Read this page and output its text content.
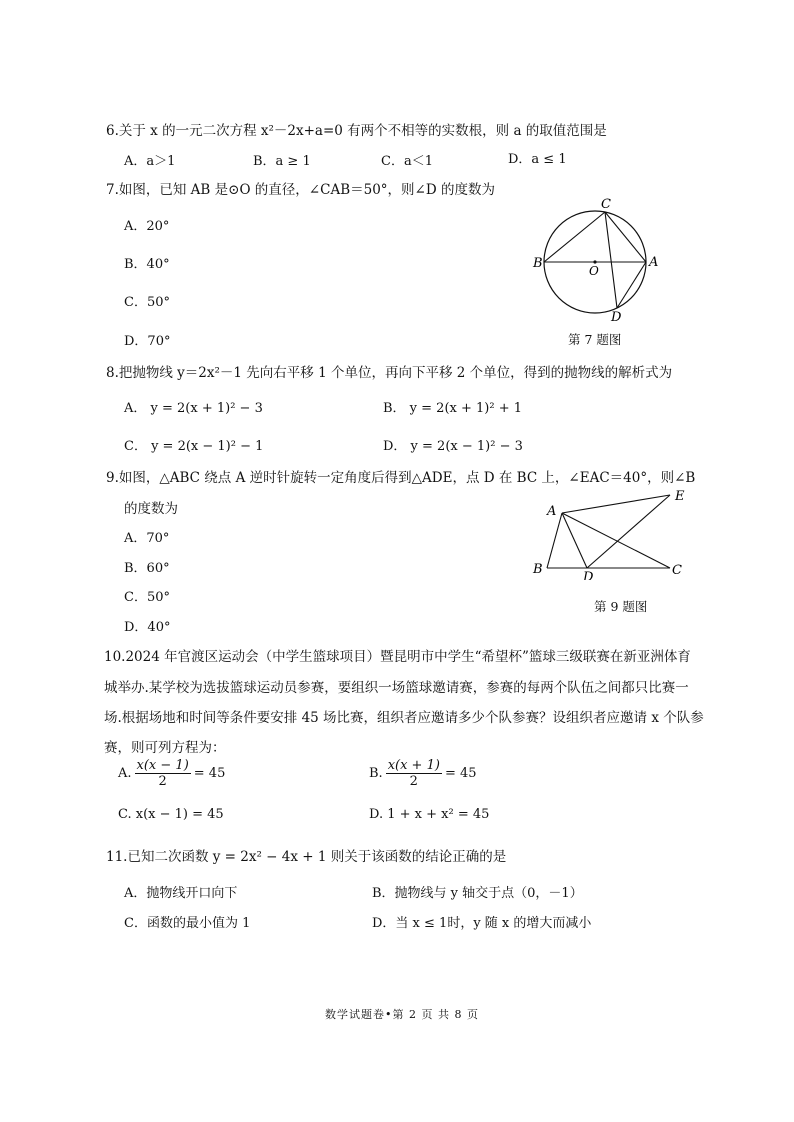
6.关于 x 的一元二次方程 x²－2x+a=0 有两个不相等的实数根，则 a 的取值范围是
A．a＞1	B．a ≥ 1	C．a＜1	D．a ≤ 1
7.如图，已知 AB 是⊙O 的直径，∠CAB＝50°，则∠D 的度数为
A．20°
B．40°
C．50°
D．70°
C
B	O
A
D
第 7 题图
8.把抛物线 y＝2x²－1 先向右平移 1 个单位，再向下平移 2 个单位，得到的抛物线的解析式为
A． y = 2(x + 1)² − 3	B． y = 2(x + 1)² + 1
C． y = 2(x − 1)² − 1	D． y = 2(x − 1)² − 3
9.如图，△ABC 绕点 A 逆时针旋转一定角度后得到△ADE，点 D 在 BC 上，∠EAC＝40°，则∠B
的度数为
A．70°
B．60°
C．50°
D．40°
A
E
B
D	C
第 9 题图
10.2024 年官渡区运动会（中学生篮球项目）暨昆明市中学生“希望杯”篮球三级联赛在新亚洲体育
城举办.某学校为选拔篮球运动员参赛，要组织一场篮球邀请赛，参赛的每两个队伍之间都只比赛一
场.根据场地和时间等条件要安排 45 场比赛，组织者应邀请多少个队参赛？设组织者应邀请 x 个队参
赛，则可列方程为：
A. $\frac{x(x - 1)}{2} = 45$	B. $\frac{x(x + 1)}{2} = 45$
C. x(x − 1) = 45	D. 1 + x + x² = 45
11.已知二次函数 y = 2x² − 4x + 1 则关于该函数的结论正确的是
A．抛物线开口向下	B．抛物线与 y 轴交于点（0，－1）
C．函数的最小值为 1	D．当 x ≤ 1时，y 随 x 的增大而减小
数学试题卷•第 2 页 共 8 页
